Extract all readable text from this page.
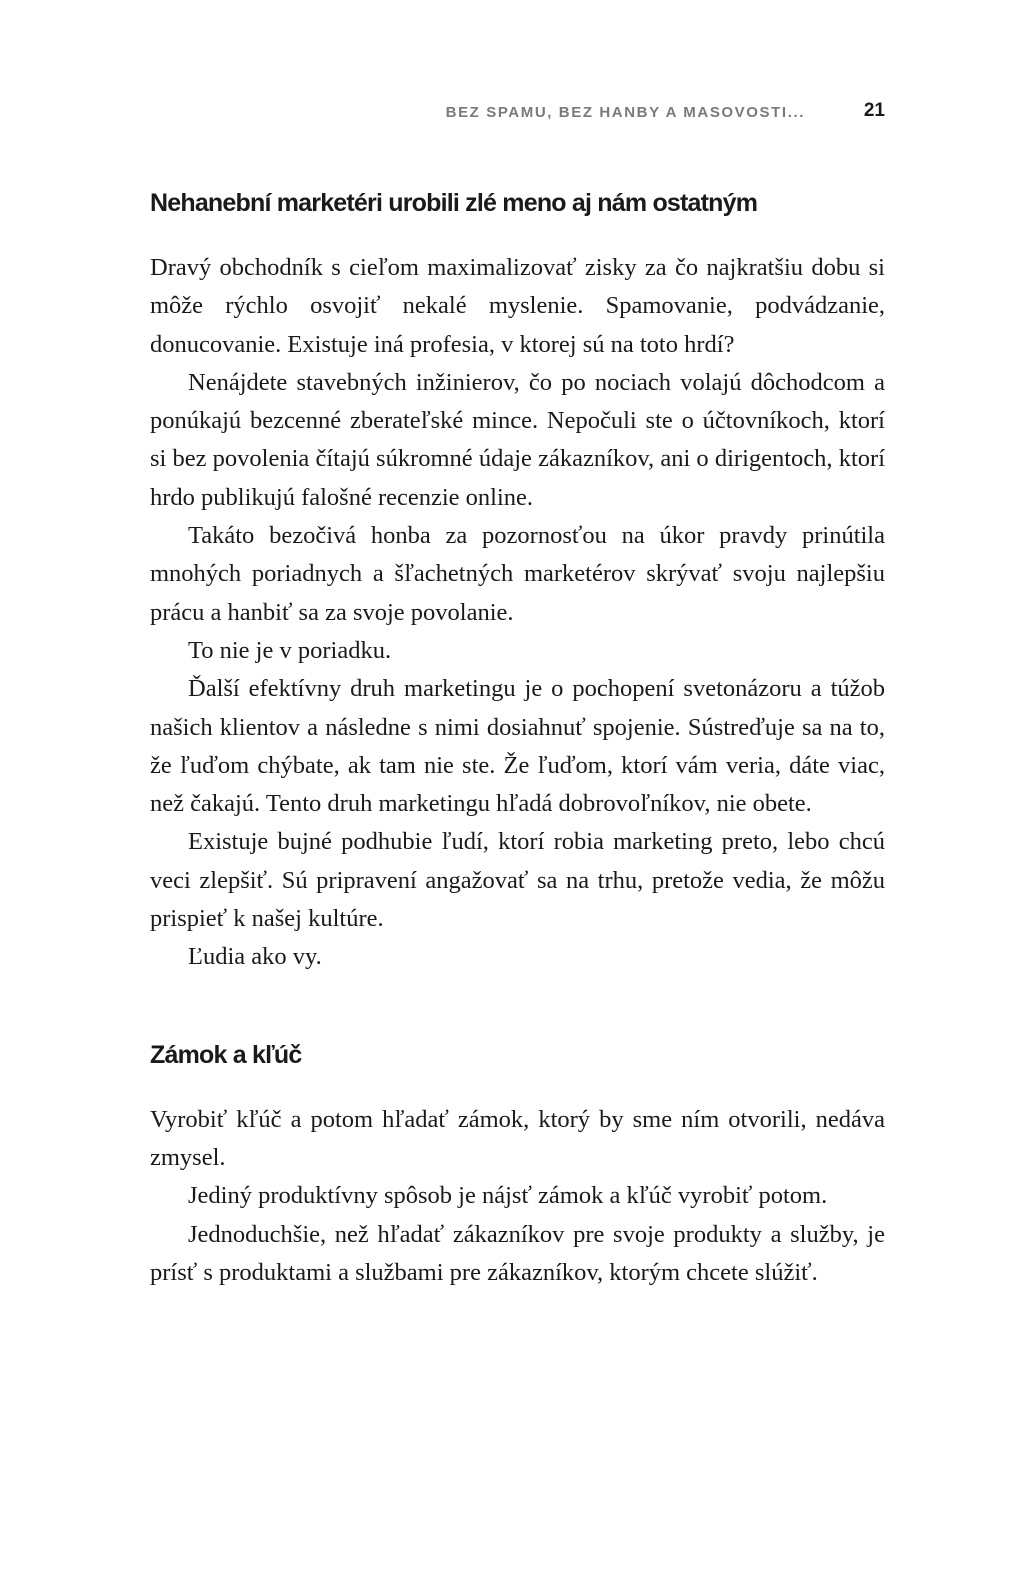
BEZ SPAMU, BEZ HANBY A MASOVOSTI...	21
Nehanební marketéri urobili zlé meno aj nám ostatným

Dravý obchodník s cieľom maximalizovať zisky za čo najkratšiu dobu si môže rýchlo osvojiť nekalé myslenie. Spamovanie, podvádzanie, donucovanie. Existuje iná profesia, v ktorej sú na toto hrdí?

Nenájdete stavebných inžinierov, čo po nociach volajú dôchodcom a ponúkajú bezcenné zberateľské mince. Nepočuli ste o účtovníkoch, ktorí si bez povolenia čítajú súkromné údaje zákazníkov, ani o dirigentoch, ktorí hrdo publikujú falošné recenzie online.

Takáto bezočivá honba za pozornosťou na úkor pravdy prinútila mnohých poriadnych a šľachetných marketérov skrývať svoju najlepšiu prácu a hanbiť sa za svoje povolanie.

To nie je v poriadku.

Ďalší efektívny druh marketingu je o pochopení svetonázoru a túžob našich klientov a následne s nimi dosiahnuť spojenie. Sústreďuje sa na to, že ľuďom chýbate, ak tam nie ste. Že ľuďom, ktorí vám veria, dáte viac, než čakajú. Tento druh marketingu hľadá dobrovoľníkov, nie obete.

Existuje bujné podhubie ľudí, ktorí robia marketing preto, lebo chcú veci zlepšiť. Sú pripravení angažovať sa na trhu, pretože vedia, že môžu prispieť k našej kultúre.

Ľudia ako vy.

Zámok a kľúč

Vyrobiť kľúč a potom hľadať zámok, ktorý by sme ním otvorili, nedáva zmysel.

Jediný produktívny spôsob je nájsť zámok a kľúč vyrobiť potom.

Jednoduchšie, než hľadať zákazníkov pre svoje produkty a služby, je prísť s produktami a službami pre zákazníkov, ktorým chcete slúžiť.
